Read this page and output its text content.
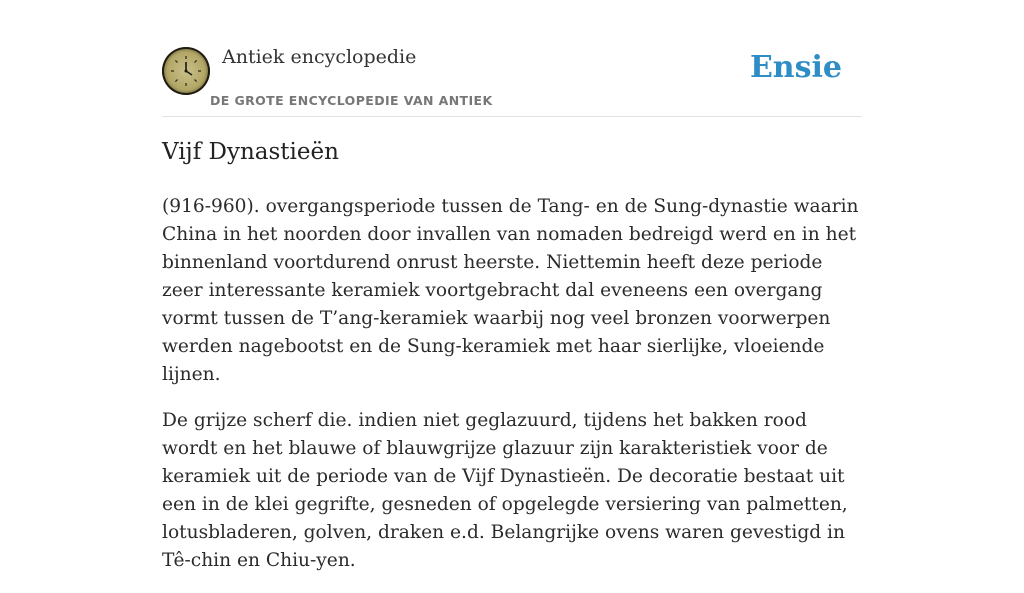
Antiek encyclopedie
DE GROTE ENCYCLOPEDIE VAN ANTIEK
Ensie
Vijf Dynastieën

(916-960). overgangsperiode tussen de Tang- en de Sung-dynastie waarin China in het noorden door invallen van nomaden bedreigd werd en in het binnenland voortdurend onrust heerste. Niettemin heeft deze periode zeer interessante keramiek voortgebracht dal eveneens een overgang vormt tussen de T’ang-keramiek waarbij nog veel bronzen voorwerpen werden nagebootst en de Sung-keramiek met haar sierlijke, vloeiende lijnen.

De grijze scherf die. indien niet geglazuurd, tijdens het bakken rood wordt en het blauwe of blauwgrijze glazuur zijn karakteristiek voor de keramiek uit de periode van de Vijf Dynastieën. De decoratie bestaat uit een in de klei gegrifte, gesneden of opgelegde versiering van palmetten, lotusbladeren, golven, draken e.d. Belangrijke ovens waren gevestigd in Tê-chin en Chiu-yen.
